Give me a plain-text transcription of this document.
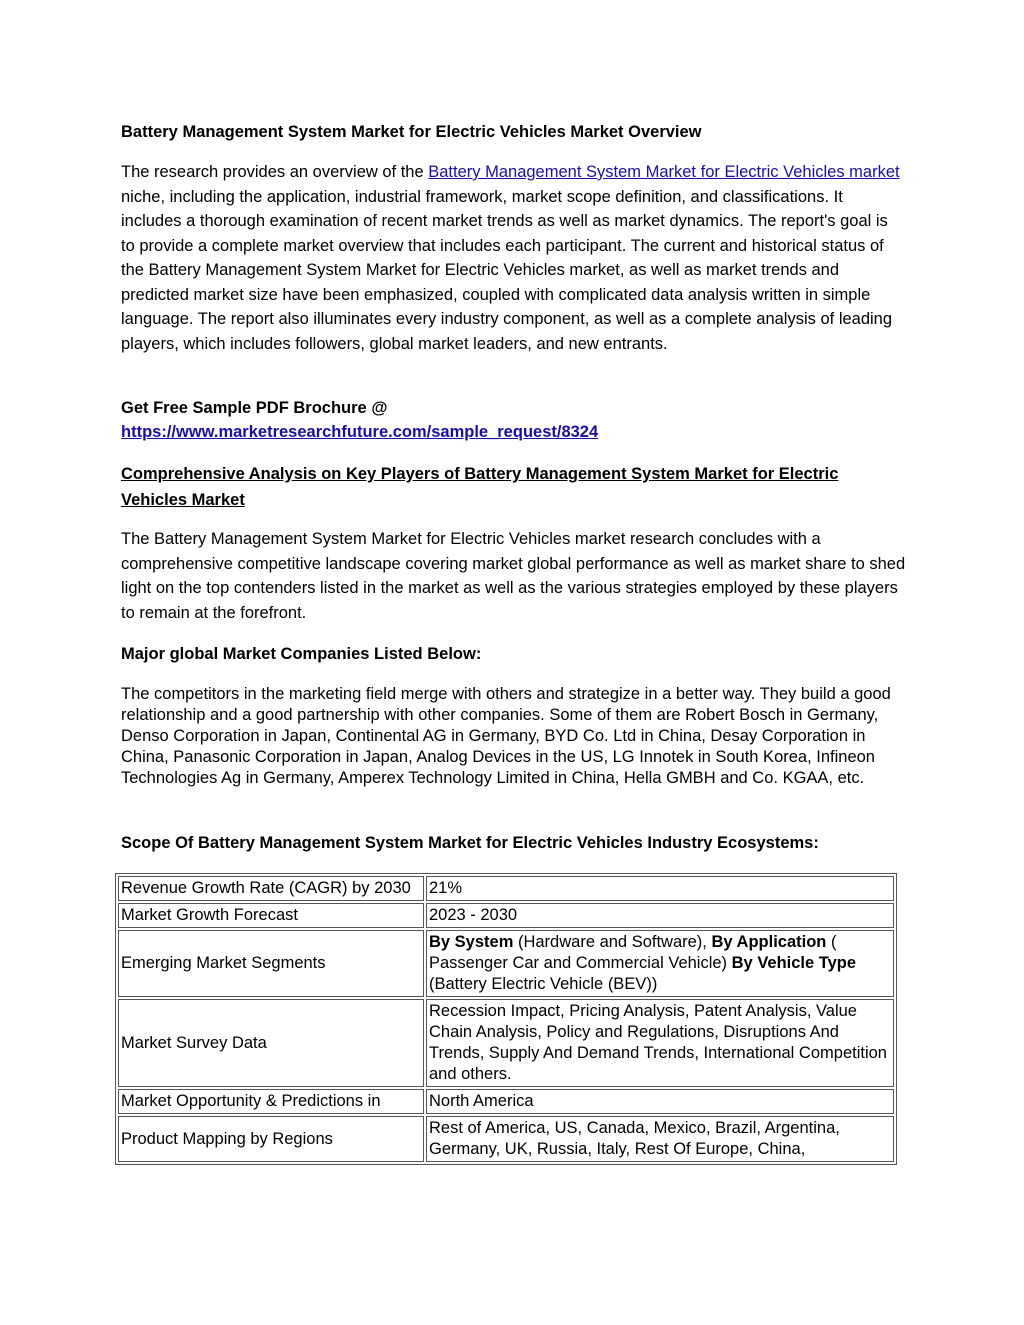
Battery Management System Market for Electric Vehicles Market Overview

The research provides an overview of the Battery Management System Market for Electric Vehicles market niche, including the application, industrial framework, market scope definition, and classifications. It includes a thorough examination of recent market trends as well as market dynamics. The report's goal is to provide a complete market overview that includes each participant. The current and historical status of the Battery Management System Market for Electric Vehicles market, as well as market trends and predicted market size have been emphasized, coupled with complicated data analysis written in simple language. The report also illuminates every industry component, as well as a complete analysis of leading players, which includes followers, global market leaders, and new entrants.

Get Free Sample PDF Brochure @

https://www.marketresearchfuture.com/sample_request/8324

Comprehensive Analysis on Key Players of Battery Management System Market for Electric Vehicles Market

The Battery Management System Market for Electric Vehicles market research concludes with a comprehensive competitive landscape covering market global performance as well as market share to shed light on the top contenders listed in the market as well as the various strategies employed by these players to remain at the forefront.

Major global Market Companies Listed Below:

The competitors in the marketing field merge with others and strategize in a better way. They build a good relationship and a good partnership with other companies. Some of them are Robert Bosch in Germany, Denso Corporation in Japan, Continental AG in Germany, BYD Co. Ltd in China, Desay Corporation in China, Panasonic Corporation in Japan, Analog Devices in the US, LG Innotek in South Korea, Infineon Technologies Ag in Germany, Amperex Technology Limited in China, Hella GMBH and Co. KGAA, etc.

Scope Of Battery Management System Market for Electric Vehicles Industry Ecosystems:

Revenue Growth Rate (CAGR) by 2030	21%
Market Growth Forecast	2023 - 2030
Emerging Market Segments	By System (Hardware and Software), By Application ( Passenger Car and Commercial Vehicle) By Vehicle Type (Battery Electric Vehicle (BEV))
Market Survey Data	Recession Impact, Pricing Analysis, Patent Analysis, Value Chain Analysis, Policy and Regulations, Disruptions And Trends, Supply And Demand Trends, International Competition and others.
Market Opportunity & Predictions in	North America
Product Mapping by Regions	Rest of America, US, Canada, Mexico, Brazil, Argentina, Germany, UK, Russia, Italy, Rest Of Europe, China,
